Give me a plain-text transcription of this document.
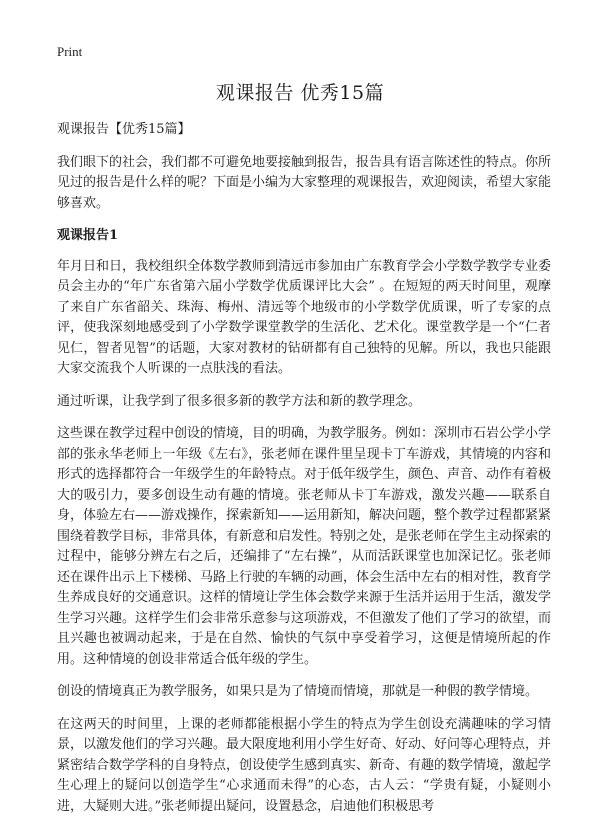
Print
观课报告 优秀15篇

观课报告【优秀15篇】

我们眼下的社会，我们都不可避免地要接触到报告，报告具有语言陈述性的特点。你所见过的报告是什么样的呢？下面是小编为大家整理的观课报告，欢迎阅读，希望大家能够喜欢。

观课报告1

年月日和日，我校组织全体数学教师到清远市参加由广东教育学会小学数学教学专业委员会主办的“年广东省第六届小学数学优质课评比大会” 。在短短的两天时间里，观摩了来自广东省韶关、珠海、梅州、清远等个地级市的小学数学优质课，听了专家的点评，使我深刻地感受到了小学数学课堂教学的生活化、艺术化。课堂教学是一个“仁者见仁，智者见智”的话题，大家对教材的钻研都有自己独特的见解。所以，我也只能跟大家交流我个人听课的一点肤浅的看法。

通过听课，让我学到了很多很多新的教学方法和新的教学理念。

这些课在教学过程中创设的情境，目的明确，为教学服务。例如：深圳市石岩公学小学部的张永华老师上一年级《左右》，张老师在课件里呈现卡丁车游戏，其情境的内容和形式的选择都符合一年级学生的年龄特点。对于低年级学生，颜色、声音、动作有着极大的吸引力，要多创设生动有趣的情境。张老师从卡丁车游戏，激发兴趣——联系自身，体验左右——游戏操作，探索新知——运用新知，解决问题，整个教学过程都紧紧围绕着教学目标，非常具体，有新意和启发性。特别之处，是张老师在学生主动探索的过程中，能够分辨左右之后，还编排了“左右操”，从而活跃课堂也加深记忆。张老师还在课件出示上下楼梯、马路上行驶的车辆的动画，体会生活中左右的相对性，教育学生养成良好的交通意识。这样的情境让学生体会数学来源于生活并运用于生活，激发学生学习兴趣。这样学生们会非常乐意参与这项游戏，不但激发了他们了学习的欲望，而且兴趣也被调动起来，于是在自然、愉快的气氛中享受着学习，这便是情境所起的作用。这种情境的创设非常适合低年级的学生。

创设的情境真正为教学服务，如果只是为了情境而情境，那就是一种假的教学情境。

在这两天的时间里，上课的老师都能根据小学生的特点为学生创设充满趣味的学习情景，以激发他们的学习兴趣。最大限度地利用小学生好奇、好动、好问等心理特点，并紧密结合数学学科的自身特点，创设使学生感到真实、新奇、有趣的数学情境，激起学生心理上的疑问以创造学生“心求通而未得”的心态，古人云：“学贵有疑，小疑则小进，大疑则大进。”张老师提出疑问，设置悬念，启迪他们积极思考
